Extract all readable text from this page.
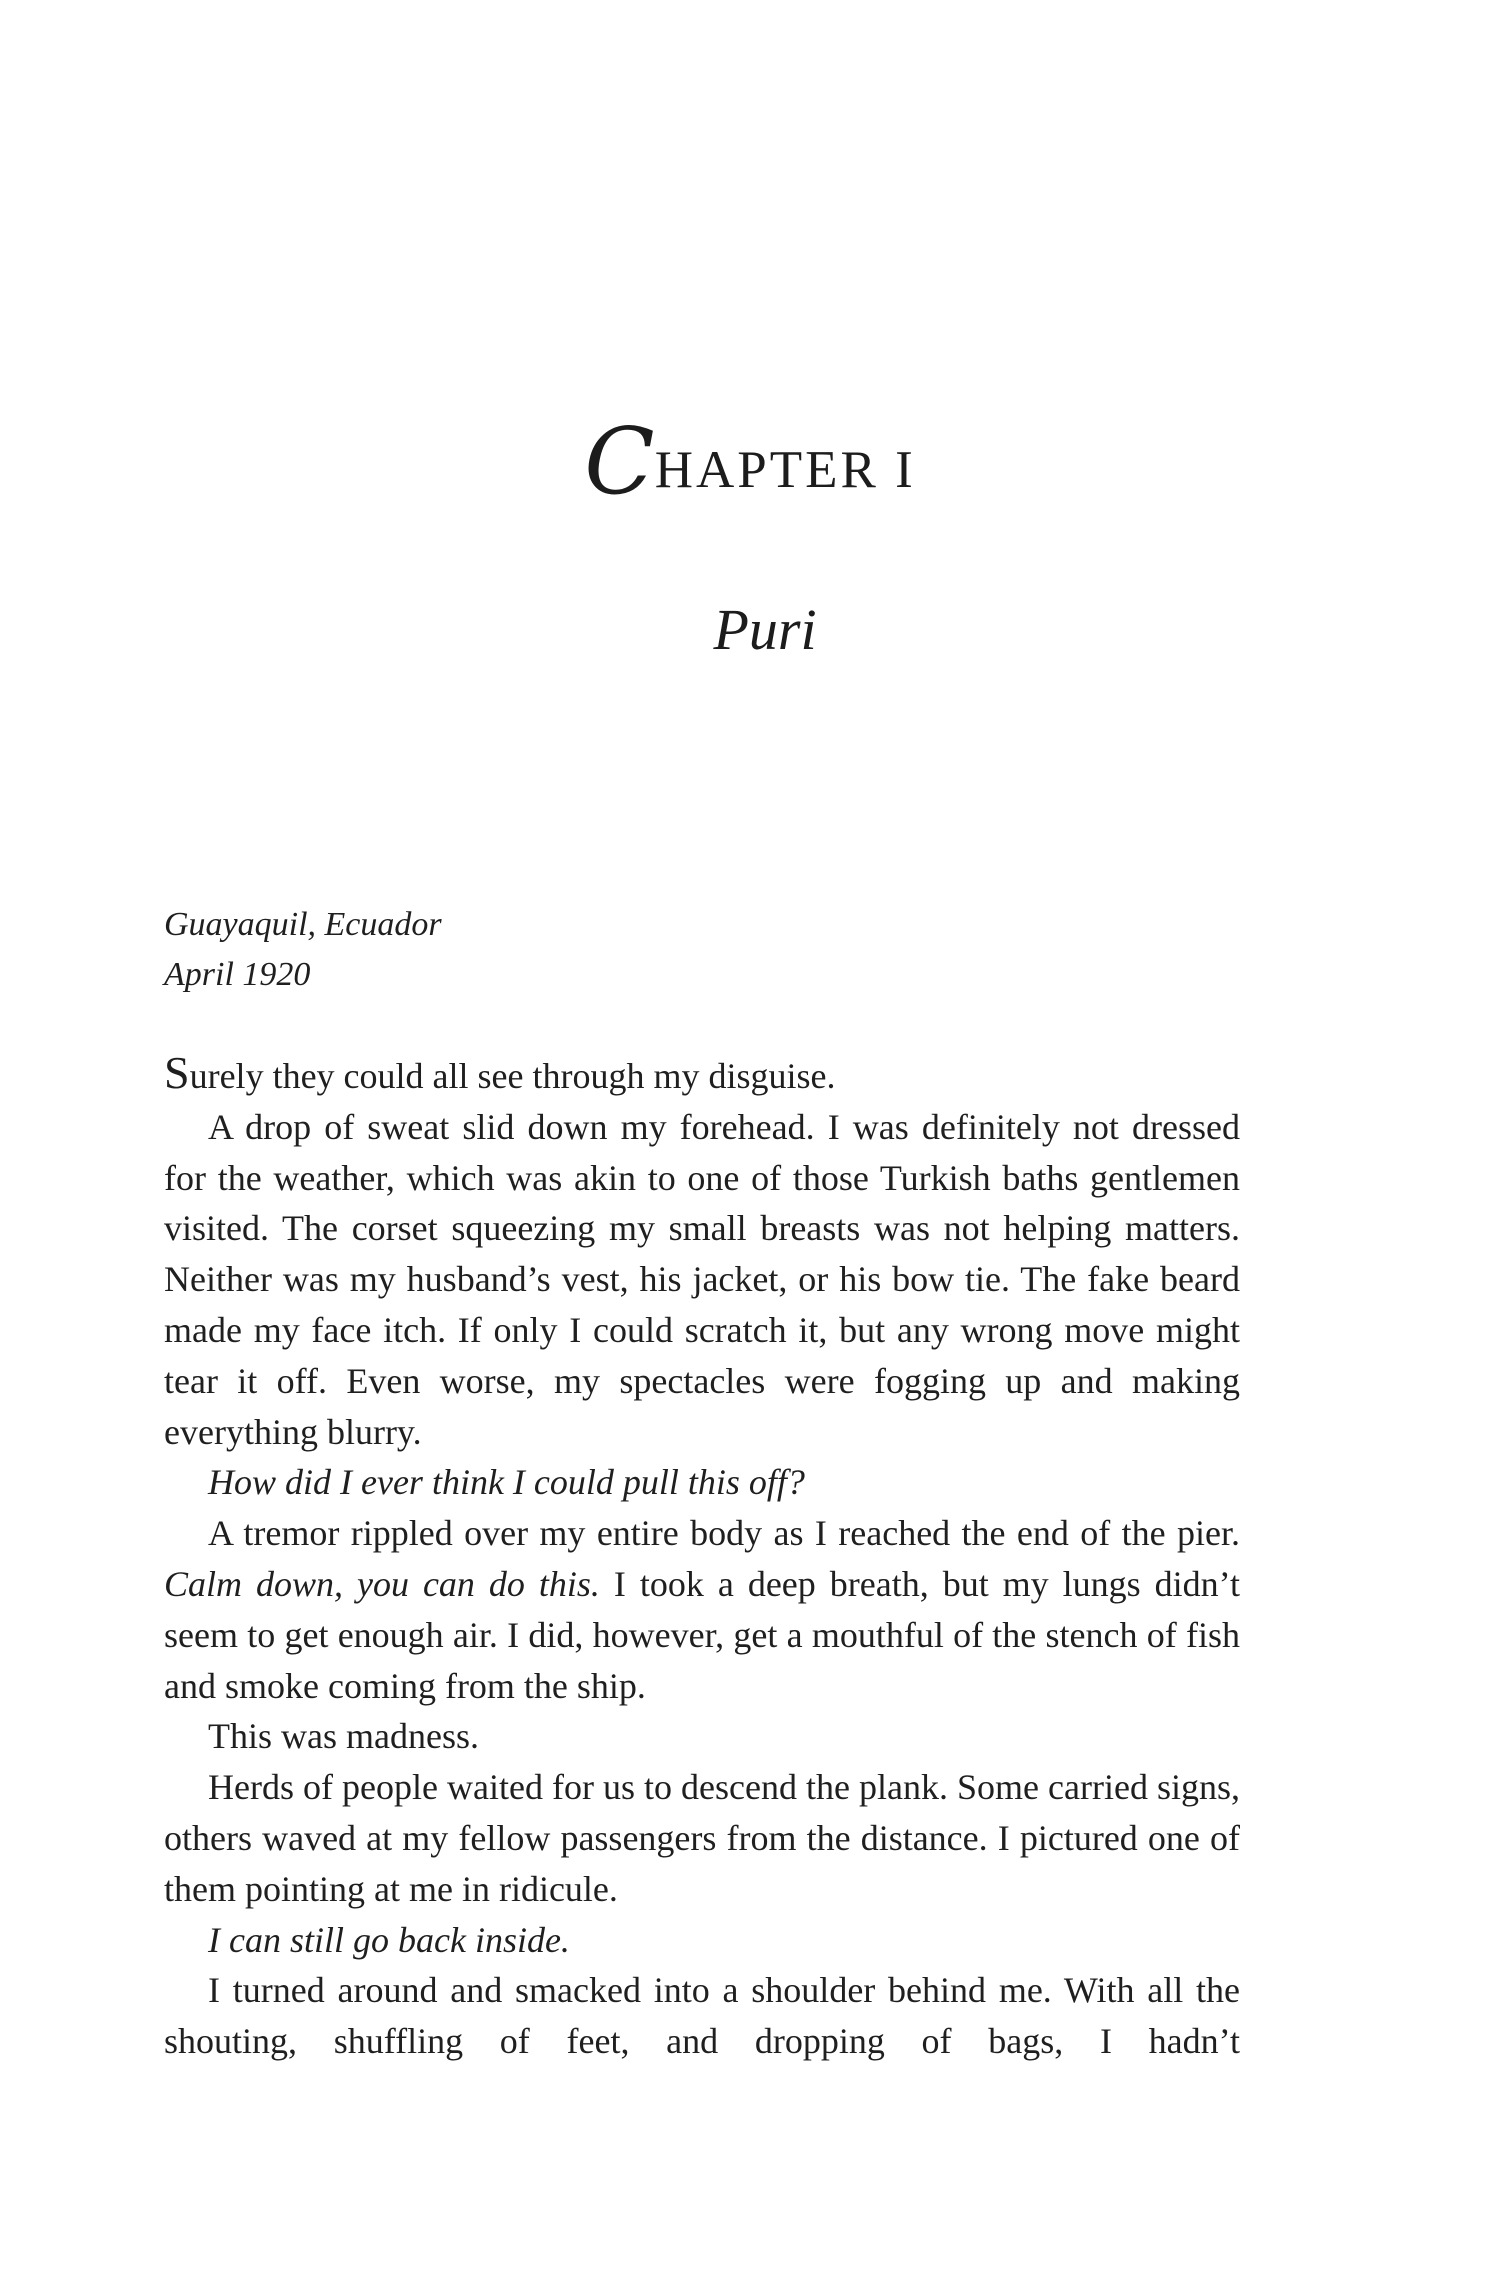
CHAPTER I
Puri
Guayaquil, Ecuador
April 1920

Surely they could all see through my disguise.

A drop of sweat slid down my forehead. I was definitely not dressed for the weather, which was akin to one of those Turkish baths gentlemen visited. The corset squeezing my small breasts was not helping matters. Neither was my husband’s vest, his jacket, or his bow tie. The fake beard made my face itch. If only I could scratch it, but any wrong move might tear it off. Even worse, my spectacles were fogging up and making everything blurry.

How did I ever think I could pull this off?

A tremor rippled over my entire body as I reached the end of the pier. Calm down, you can do this. I took a deep breath, but my lungs didn’t seem to get enough air. I did, however, get a mouthful of the stench of fish and smoke coming from the ship.

This was madness.

Herds of people waited for us to descend the plank. Some carried signs, others waved at my fellow passengers from the distance. I pictured one of them pointing at me in ridicule.

I can still go back inside.

I turned around and smacked into a shoulder behind me. With all the shouting, shuffling of feet, and dropping of bags, I hadn’t
